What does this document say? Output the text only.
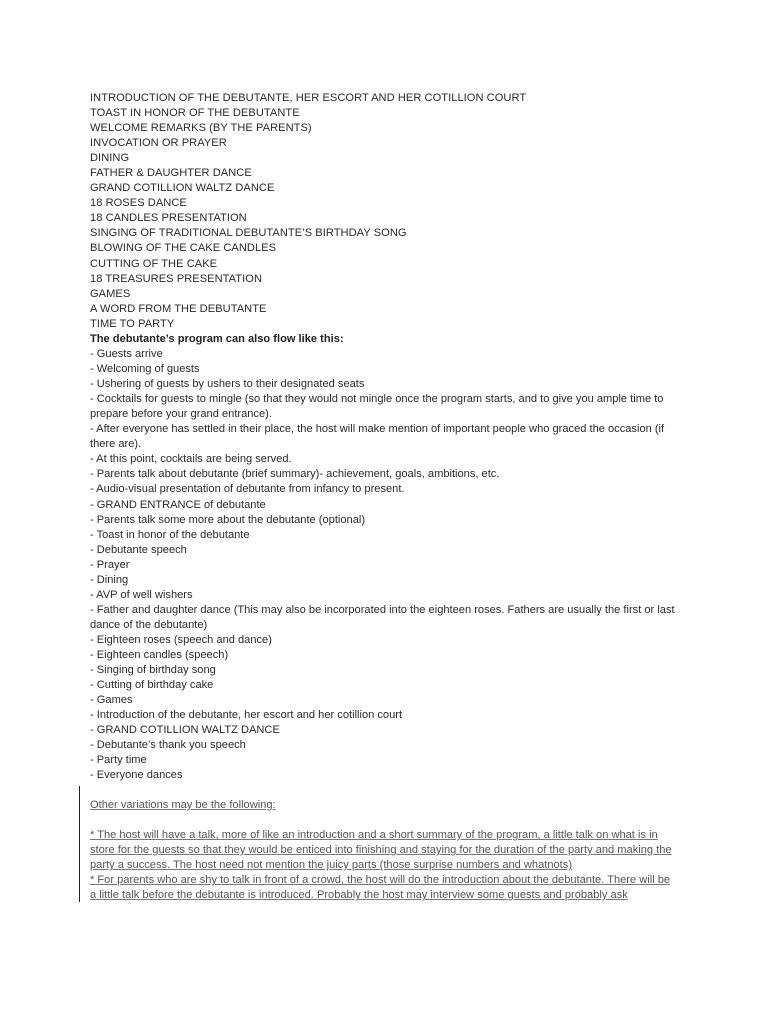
INTRODUCTION OF THE DEBUTANTE, HER ESCORT AND HER COTILLION COURT
TOAST IN HONOR OF THE DEBUTANTE
WELCOME REMARKS (BY THE PARENTS)
INVOCATION OR PRAYER
DINING
FATHER & DAUGHTER DANCE
GRAND COTILLION WALTZ DANCE
18 ROSES DANCE
18 CANDLES PRESENTATION
SINGING OF TRADITIONAL DEBUTANTE’S BIRTHDAY SONG
BLOWING OF THE CAKE CANDLES
CUTTING OF THE CAKE
18 TREASURES PRESENTATION
GAMES
A WORD FROM THE DEBUTANTE
TIME TO PARTY

The debutante’s program can also flow like this:

- Guests arrive
- Welcoming of guests
- Ushering of guests by ushers to their designated seats
- Cocktails for guests to mingle (so that they would not mingle once the program starts, and to give you ample time to prepare before your grand entrance).
- After everyone has settled in their place, the host will make mention of important people who graced the occasion (if there are).
- At this point, cocktails are being served.
- Parents talk about debutante (brief summary)- achievement, goals, ambitions, etc.
- Audio-visual presentation of debutante from infancy to present.
- GRAND ENTRANCE of debutante
- Parents talk some more about the debutante (optional)
- Toast in honor of the debutante
- Debutante speech
- Prayer
- Dining
- AVP of well wishers
- Father and daughter dance (This may also be incorporated into the eighteen roses. Fathers are usually the first or last dance of the debutante)
- Eighteen roses (speech and dance)
- Eighteen candles (speech)
- Singing of birthday song
- Cutting of birthday cake
- Games
- Introduction of the debutante, her escort and her cotillion court
- GRAND COTILLION WALTZ DANCE
- Debutante’s thank you speech
- Party time
- Everyone dances

Other variations may be the following:

* The host will have a talk, more of like an introduction and a short summary of the program, a little talk on what is in store for the guests so that they would be enticed into finishing and staying for the duration of the party and making the party a success. The host need not mention the juicy parts (those surprise numbers and whatnots)

* For parents who are shy to talk in front of a crowd, the host will do the introduction about the debutante. There will be a little talk before the debutante is introduced. Probably the host may interview some guests and probably ask
